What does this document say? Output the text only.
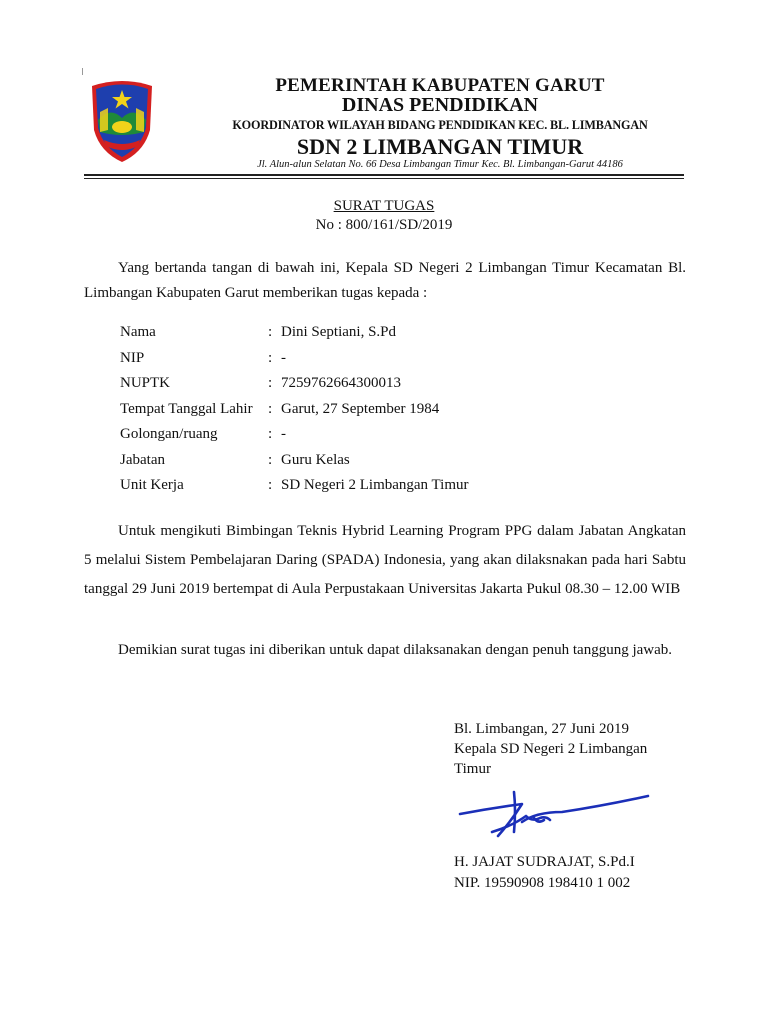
PEMERINTAH KABUPATEN GARUT
DINAS PENDIDIKAN
KOORDINATOR WILAYAH BIDANG PENDIDIKAN KEC. BL. LIMBANGAN
SDN 2 LIMBANGAN TIMUR
Jl. Alun-alun Selatan No. 66 Desa Limbangan Timur Kec. Bl. Limbangan-Garut 44186
SURAT TUGAS
No : 800/161/SD/2019
Yang bertanda tangan di bawah ini, Kepala SD Negeri 2 Limbangan Timur Kecamatan Bl. Limbangan Kabupaten Garut memberikan tugas kepada :
Nama	: Dini Septiani, S.Pd
NIP	: -
NUPTK	: 7259762664300013
Tempat Tanggal Lahir : Garut, 27 September 1984
Golongan/ruang	: -
Jabatan	: Guru Kelas
Unit Kerja	: SD Negeri 2 Limbangan Timur
Untuk mengikuti Bimbingan Teknis Hybrid Learning Program PPG dalam Jabatan Angkatan 5 melalui Sistem Pembelajaran Daring (SPADA) Indonesia, yang akan dilaksnakan pada hari Sabtu tanggal 29 Juni 2019 bertempat di Aula Perpustakaan Universitas Jakarta Pukul 08.30 – 12.00 WIB
Demikian surat tugas ini diberikan untuk dapat dilaksanakan dengan penuh tanggung jawab.
Bl. Limbangan, 27 Juni 2019
Kepala SD Negeri 2 Limbangan Timur
H. JAJAT SUDRAJAT, S.Pd.I
NIP. 19590908 198410 1 002
